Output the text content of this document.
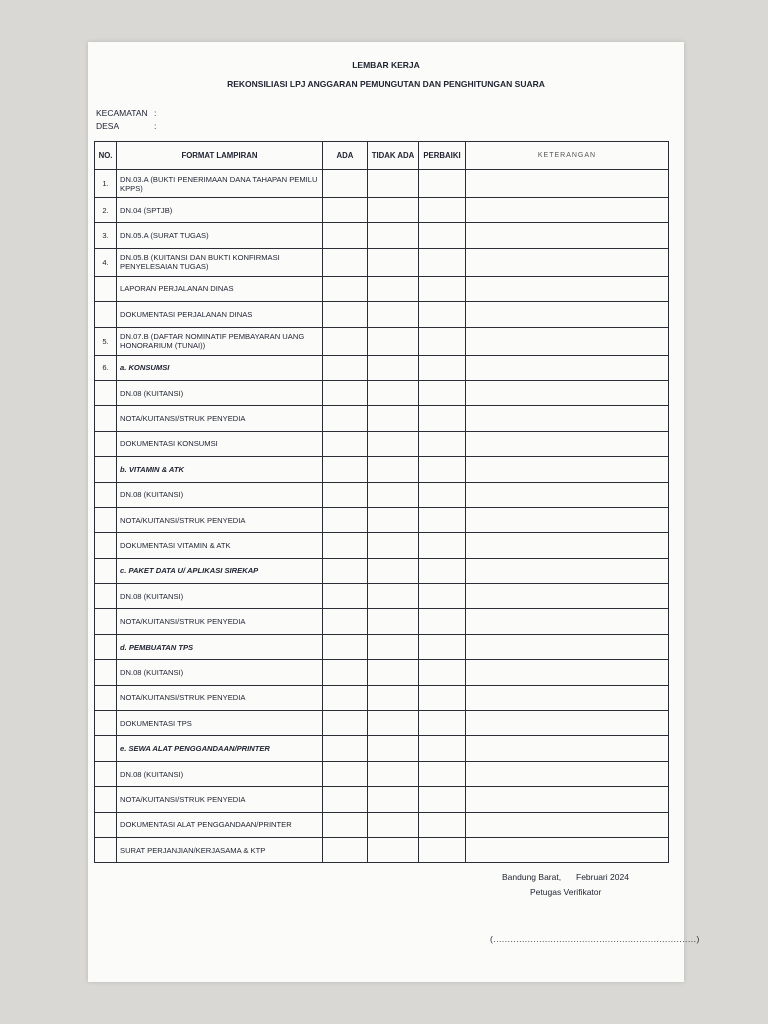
LEMBAR KERJA
REKONSILIASI LPJ ANGGARAN PEMUNGUTAN DAN PENGHITUNGAN SUARA
KECAMATAN :
DESA	:
NO.	FORMAT LAMPIRAN	ADA	TIDAK ADA	PERBAIKI	KETERANGAN
1.	DN.03.A (BUKTI PENERIMAAN DANA TAHAPAN PEMILU KPPS)				
2.	DN.04 (SPTJB)				
3.	DN.05.A (SURAT TUGAS)				
4.	DN.05.B (KUITANSI DAN BUKTI KONFIRMASI PENYELESAIAN TUGAS)				
	LAPORAN PERJALANAN DINAS				
	DOKUMENTASI PERJALANAN DINAS				
5.	DN.07.B (DAFTAR NOMINATIF PEMBAYARAN UANG HONORARIUM (TUNAI))				
6.	a. KONSUMSI				
	DN.08 (KUITANSI)				
	NOTA/KUITANSI/STRUK PENYEDIA				
	DOKUMENTASI KONSUMSI				
	b. VITAMIN & ATK				
	DN.08 (KUITANSI)				
	NOTA/KUITANSI/STRUK PENYEDIA				
	DOKUMENTASI VITAMIN & ATK				
	c. PAKET DATA U/ APLIKASI SIREKAP				
	DN.08 (KUITANSI)				
	NOTA/KUITANSI/STRUK PENYEDIA				
	d. PEMBUATAN TPS				
	DN.08 (KUITANSI)				
	NOTA/KUITANSI/STRUK PENYEDIA				
	DOKUMENTASI TPS				
	e. SEWA ALAT PENGGANDAAN/PRINTER				
	DN.08 (KUITANSI)				
	NOTA/KUITANSI/STRUK PENYEDIA				
	DOKUMENTASI ALAT PENGGANDAAN/PRINTER				
	SURAT PERJANJIAN/KERJASAMA & KTP				
Bandung Barat, Februari 2024
Petugas Verifikator
(.......................................................................)
